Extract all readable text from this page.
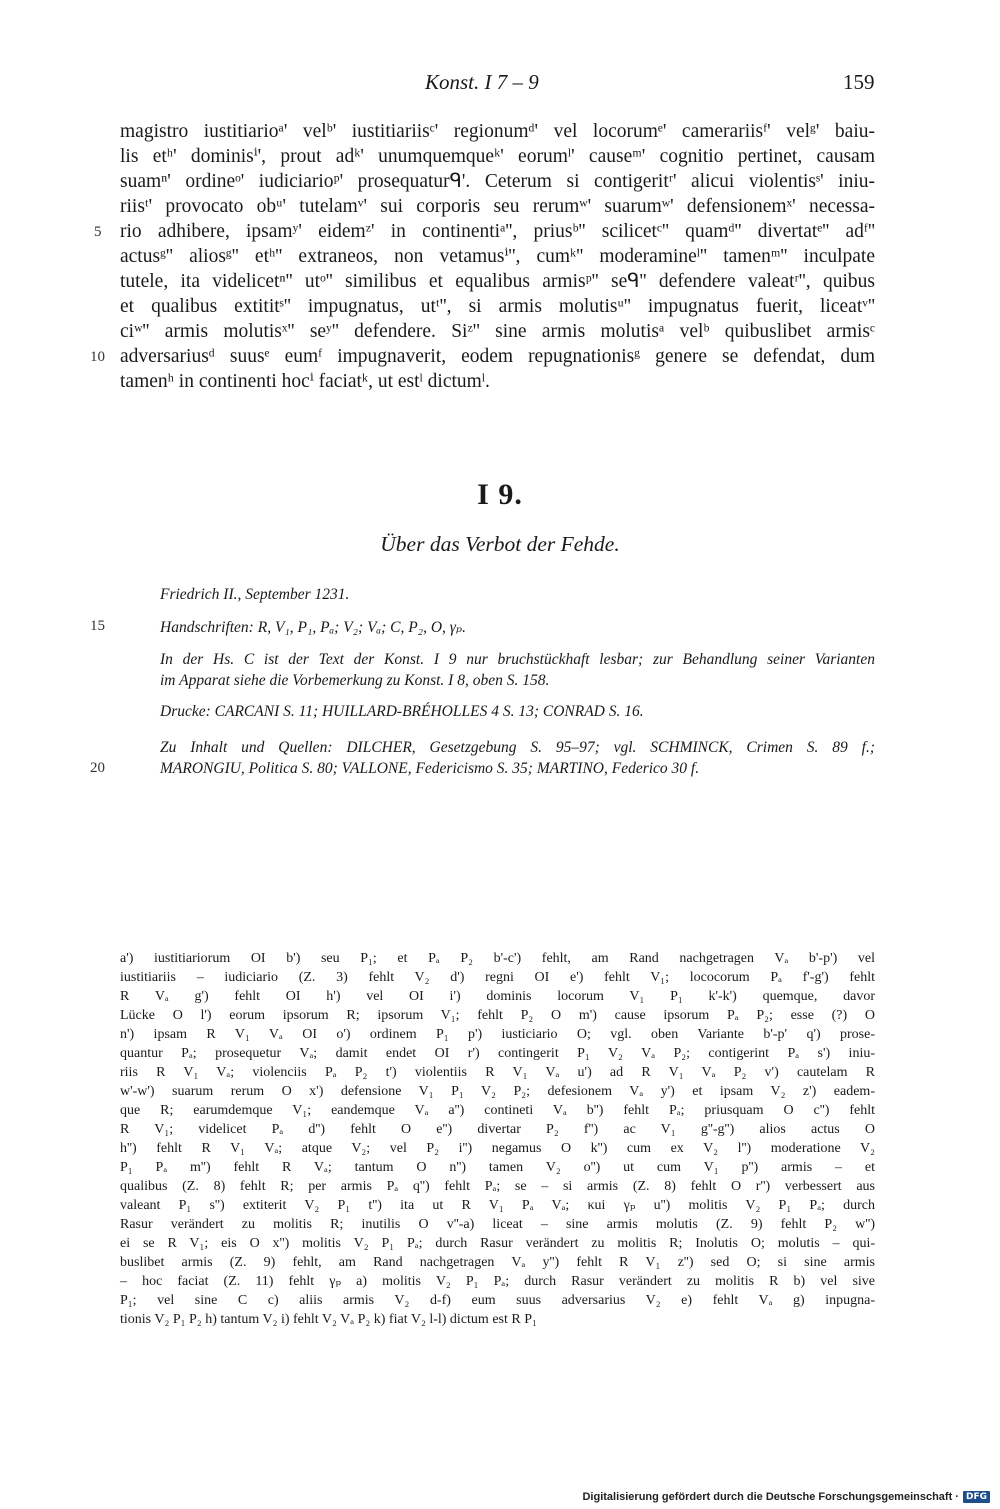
Konst. I 7 – 9	159
magistro iustitiarioᵃ' velᵇ' iustitiariisᶜ' regionumᵈ' vel locorumᵉ' camerariisᶠ' velᵍ' baiu-
lis etʰ' dominisⁱ', prout adᵏ' unumquemqueᵏ' eorumˡ' causeᵐ' cognitio pertinet, causam
suamⁿ' ordineᵒ' iudiciarioᵖ' prosequaturᑫ'. Ceterum si contigeritʳ' alicui violentisˢ' iniu-
riisᵗ' provocato obᵘ' tutelamᵛ' sui corporis seu rerumʷ' suarumʷ' defensionemˣ' necessa-
rio adhibere, ipsamʸ' eidemᶻ' in continentiᵃ'', priusᵇ'' scilicetᶜ'' quamᵈ'' divertatᵉ'' adᶠ''
actusᵍ'' aliosᵍ'' etʰ'' extraneos, non vetamusⁱ'', cumᵏ'' moderamineˡ'' tamenᵐ'' inculpate
tutele, ita videlicetⁿ'' utᵒ'' similibus et equalibus armisᵖ'' seᑫ'' defendere valeatʳ'', quibus
et qualibus extititˢ'' impugnatus, utᵗ'', si armis molutisᵘ'' impugnatus fuerit, liceatᵛ''
ciʷ'' armis molutisˣ'' seʸ'' defendere. Siᶻ'' sine armis molutisᵃ velᵇ quibuslibet armisᶜ
adversariusᵈ suusᵉ eumᶠ impugnaverit, eodem repugnationisᵍ genere se defendat, dum
tamenʰ in continenti hocⁱ faciatᵏ, ut estˡ dictumˡ.
5
10
15
20
I 9.
Über das Verbot der Fehde.
Friedrich II., September 1231.
Handschriften: R, V₁, P₁, Pₐ; V₂; Vₐ; C, P₂, O, γₚ.
In der Hs. C ist der Text der Konst. I 9 nur bruchstückhaft lesbar; zur Behandlung seiner Varianten
im Apparat siehe die Vorbemerkung zu Konst. I 8, oben S. 158.
Drucke: CARCANI S. 11; HUILLARD-BRÉHOLLES 4 S. 13; CONRAD S. 16.
Zu Inhalt und Quellen: DILCHER, Gesetzgebung S. 95–97; vgl. SCHMINCK, Crimen S. 89 f.;
MARONGIU, Politica S. 80; VALLONE, Federicismo S. 35; MARTINO, Federico 30 f.
a') iustitiariorum OI b') seu P₁; et Pₐ P₂ b'-c') fehlt, am Rand nachgetragen Vₐ b'-p') vel
iustitiariis – iudiciario (Z. 3) fehlt V₂ d') regni OI e') fehlt V₁; lococorum Pₐ f'-g') fehlt
R Vₐ g') fehlt OI h') vel OI i') dominis locorum V₁ P₁ k'-k') quemque, davor
Lücke O l') eorum ipsorum R; ipsorum V₁; fehlt P₂ O m') cause ipsorum Pₐ P₂; esse (?) O
n') ipsam R V₁ Vₐ OI o') ordinem P₁ p') iusticiario O; vgl. oben Variante b'-p' q') prose-
quantur Pₐ; prosequetur Vₐ; damit endet OI r') contingerit P₁ V₂ Vₐ P₂; contigerint Pₐ s') iniu-
riis R V₁ Vₐ; violenciis Pₐ P₂ t') violentiis R V₁ Vₐ u') ad R V₁ Vₐ P₂ v') cautelam R
w'-w') suarum rerum O x') defensione V₁ P₁ V₂ P₂; defesionem Vₐ y') et ipsam V₂ z') eadem-
que R; earumdemque V₁; eandemque Vₐ a'') contineti Vₐ b'') fehlt Pₐ; priusquam O c'') fehlt
R V₁; videlicet Pₐ d'') fehlt O e'') divertar P₂ f'') ac V₁ g''-g'') alios actus O
h'') fehlt R V₁ Vₐ; atque V₂; vel P₂ i'') negamus O k'') cum ex V₂ l'') moderatione V₂
P₁ Pₐ m'') fehlt R Vₐ; tantum O n'') tamen V₂ o'') ut cum V₁ p'') armis – et
qualibus (Z. 8) fehlt R; per armis Pₐ q'') fehlt Pₐ; se – si armis (Z. 8) fehlt O r'') verbessert aus
valeant P₁ s'') extiterit V₂ P₁ t'') ita ut R V₁ Pₐ Vₐ; κui γₚ u'') molitis V₂ P₁ Pₐ; durch
Rasur verändert zu molitis R; inutilis O v''-a) liceat – sine armis molutis (Z. 9) fehlt P₂ w'')
ei se R V₁; eis O x'') molitis V₂ P₁ Pₐ; durch Rasur verändert zu molitis R; Inolutis O; molutis – qui-
buslibet armis (Z. 9) fehlt, am Rand nachgetragen Vₐ y'') fehlt R V₁ z'') sed O; si sine armis
– hoc faciat (Z. 11) fehlt γₚ a) molitis V₂ P₁ Pₐ; durch Rasur verändert zu molitis R b) vel sive
P₁; vel sine C c) aliis armis V₂ d-f) eum suus adversarius V₂ e) fehlt Vₐ g) inpugna-
tionis V₂ P₁ P₂ h) tantum V₂ i) fehlt V₂ Vₐ P₂ k) fiat V₂ l-l) dictum est R P₁
Digitalisierung gefördert durch die Deutsche Forschungsgemeinschaft · DFG
